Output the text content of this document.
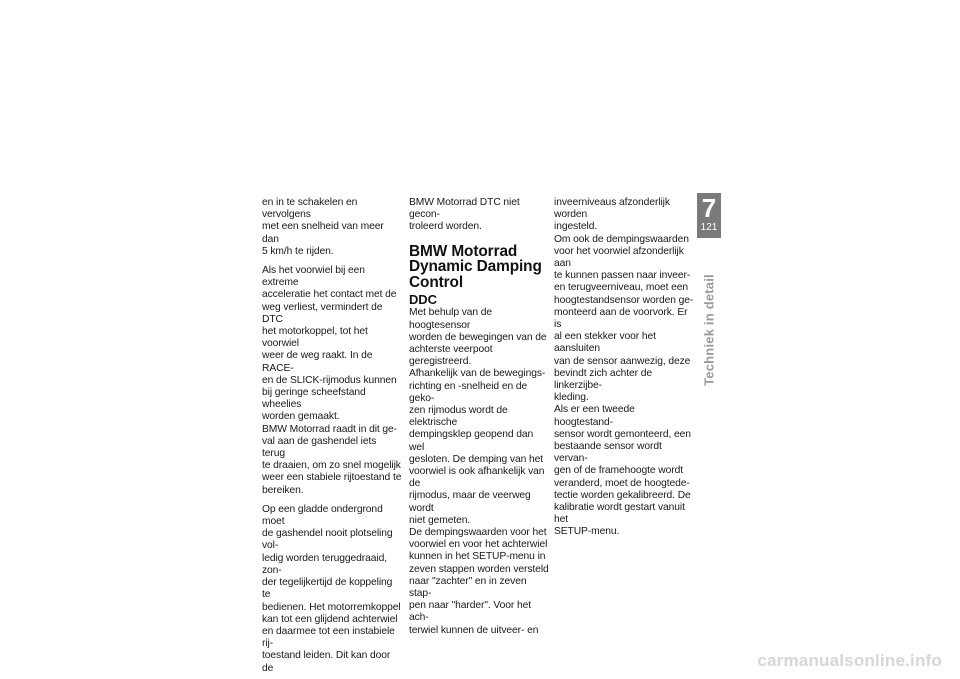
en in te schakelen en vervolgens
met een snelheid van meer dan
5 km/h te rijden.

Als het voorwiel bij een extreme
acceleratie het contact met de
weg verliest, vermindert de DTC
het motorkoppel, tot het voorwiel
weer de weg raakt. In de RACE-
en de SLICK-rijmodus kunnen
bij geringe scheefstand wheelies
worden gemaakt.

BMW Motorrad raadt in dit ge-
val aan de gashendel iets terug
te draaien, om zo snel mogelijk
weer een stabiele rijtoestand te
bereiken.

Op een gladde ondergrond moet
de gashendel nooit plotseling vol-
ledig worden teruggedraaid, zon-
der tegelijkertijd de koppeling te
bedienen. Het motorremkoppel
kan tot een glijdend achterwiel
en daarmee tot een instabiele rij-
toestand leiden. Dit kan door de

BMW Motorrad DTC niet gecon-
troleerd worden.

BMW Motorrad
Dynamic Damping
Control
DDC

Met behulp van de hoogtesensor
worden de bewegingen van de
achterste veerpoot geregistreerd.
Afhankelijk van de bewegings-
richting en -snelheid en de geko-
zen rijmodus wordt de elektrische
dempingsklep geopend dan wel
gesloten. De demping van het
voorwiel is ook afhankelijk van de
rijmodus, maar de veerweg wordt
niet gemeten.

De dempingswaarden voor het
voorwiel en voor het achterwiel
kunnen in het SETUP-menu in
zeven stappen worden versteld
naar "zachter" en in zeven stap-
pen naar "harder". Voor het ach-
terwiel kunnen de uitveer- en

inveerniveaus afzonderlijk worden
ingesteld.

Om ook de dempingswaarden
voor het voorwiel afzonderlijk aan
te kunnen passen naar inveer-
en terugveerniveau, moet een
hoogtestandsensor worden ge-
monteerd aan de voorvork. Er is
al een stekker voor het aansluiten
van de sensor aanwezig, deze
bevindt zich achter de linkerzijbe-
kleding.

Als er een tweede hoogtestand-
sensor wordt gemonteerd, een
bestaande sensor wordt vervan-
gen of de framehoogte wordt
veranderd, moet de hoogtede-
tectie worden gekalibreerd. De
kalibratie wordt gestart vanuit het
SETUP-menu.

7
121
Techniek in detail
carmanualsonline.info
